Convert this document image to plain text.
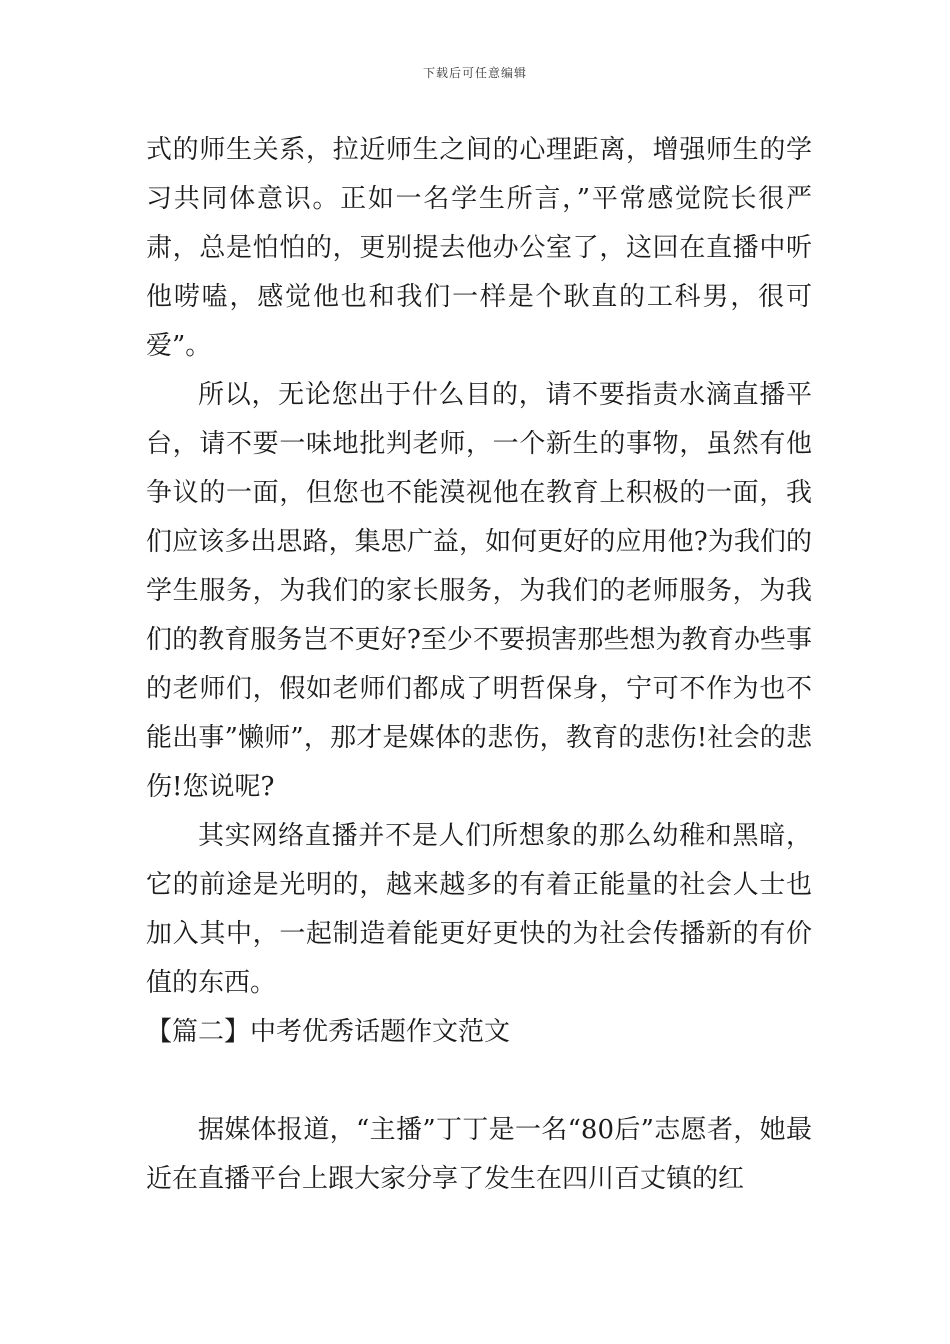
下载后可任意编辑

式的师生关系，拉近师生之间的心理距离，增强师生的学习共同体意识。正如一名学生所言，”平常感觉院长很严肃，总是怕怕的，更别提去他办公室了，这回在直播中听他唠嗑，感觉他也和我们一样是个耿直的工科男，很可爱”。

所以，无论您出于什么目的，请不要指责水滴直播平台，请不要一味地批判老师，一个新生的事物，虽然有他争议的一面，但您也不能漠视他在教育上积极的一面，我们应该多出思路，集思广益，如何更好的应用他?为我们的学生服务，为我们的家长服务，为我们的老师服务，为我们的教育服务岂不更好?至少不要损害那些想为教育办些事的老师们，假如老师们都成了明哲保身，宁可不作为也不能出事”懒师”，那才是媒体的悲伤，教育的悲伤!社会的悲伤!您说呢?

其实网络直播并不是人们所想象的那么幼稚和黑暗，它的前途是光明的，越来越多的有着正能量的社会人士也加入其中，一起制造着能更好更快的为社会传播新的有价值的东西。

【篇二】中考优秀话题作文范文

据媒体报道，“主播”丁丁是一名“80后”志愿者，她最近在直播平台上跟大家分享了发生在四川百丈镇的红
